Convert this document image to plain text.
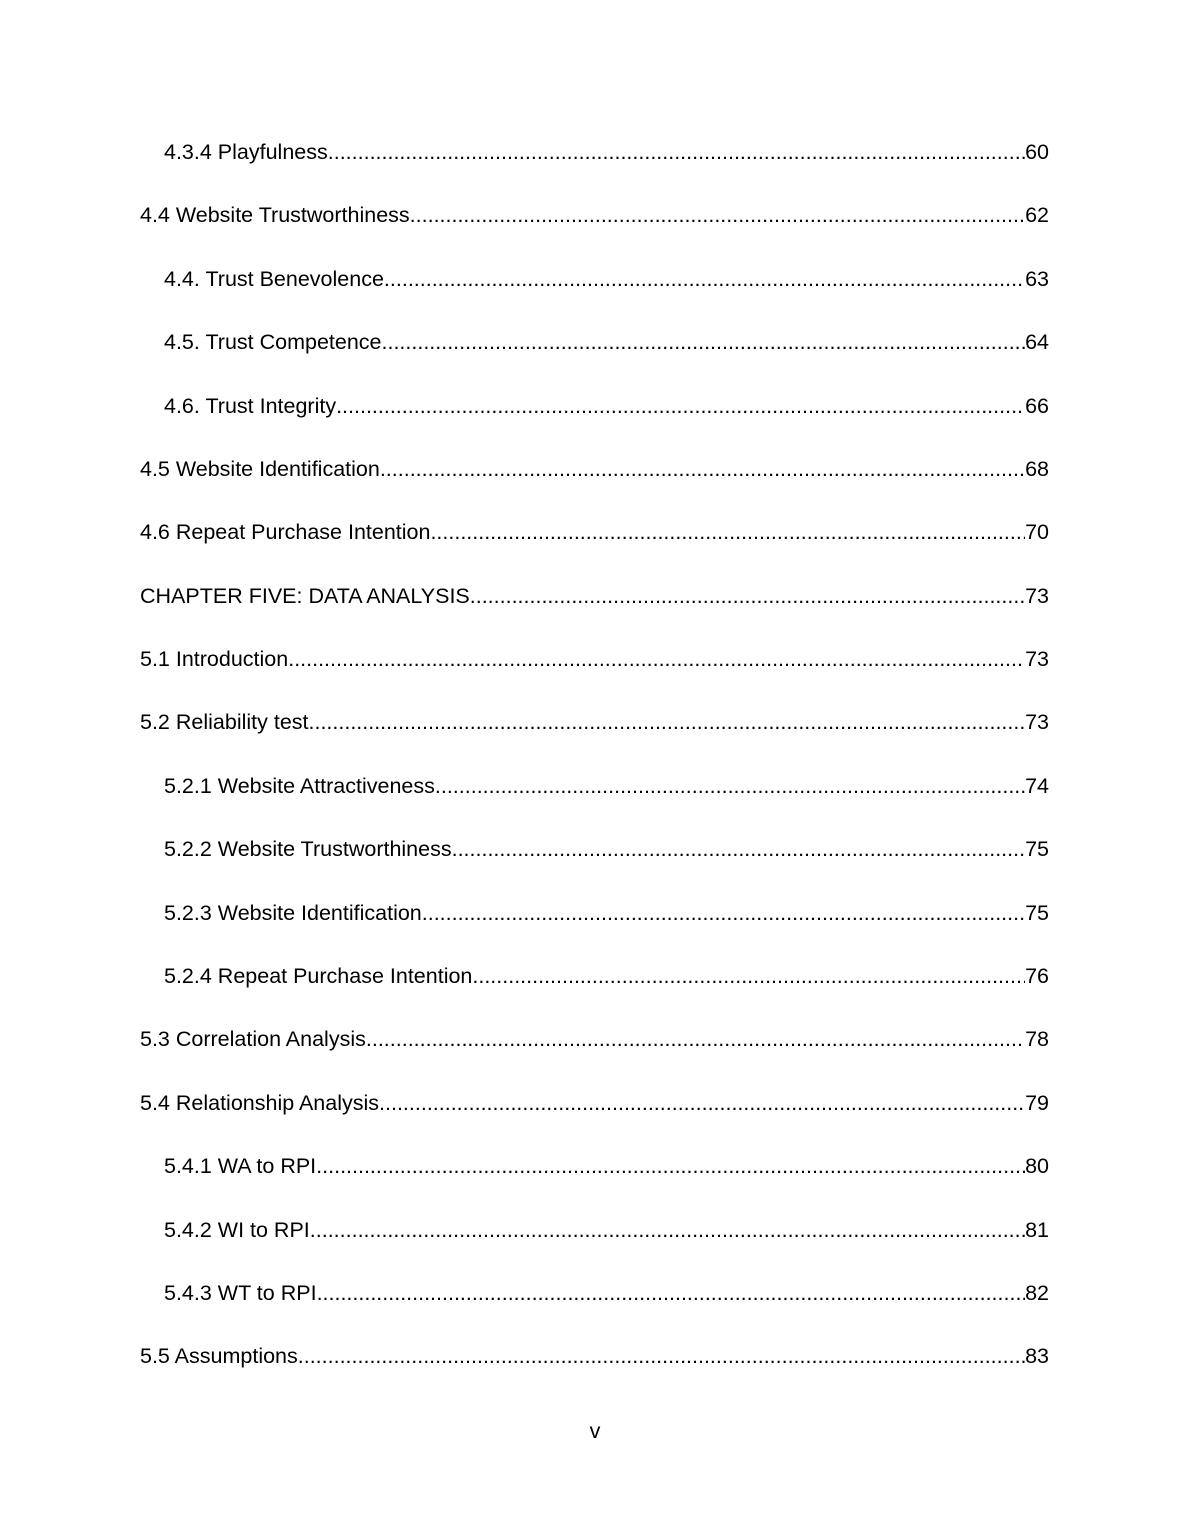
4.3.4 Playfulness .....	60
4.4 Website Trustworthiness .....	62
4.4. Trust Benevolence .....	63
4.5. Trust Competence .....	64
4.6. Trust Integrity .....	66
4.5 Website Identification .....	68
4.6 Repeat Purchase Intention .....	70
CHAPTER FIVE: DATA ANALYSIS .....	73
5.1 Introduction .....	73
5.2 Reliability test .....	73
5.2.1 Website Attractiveness .....	74
5.2.2 Website Trustworthiness .....	75
5.2.3 Website Identification .....	75
5.2.4 Repeat Purchase Intention .....	76
5.3 Correlation Analysis .....	78
5.4 Relationship Analysis .....	79
5.4.1 WA to RPI .....	80
5.4.2 WI to RPI .....	81
5.4.3 WT to RPI .....	82
5.5 Assumptions .....	83
v
